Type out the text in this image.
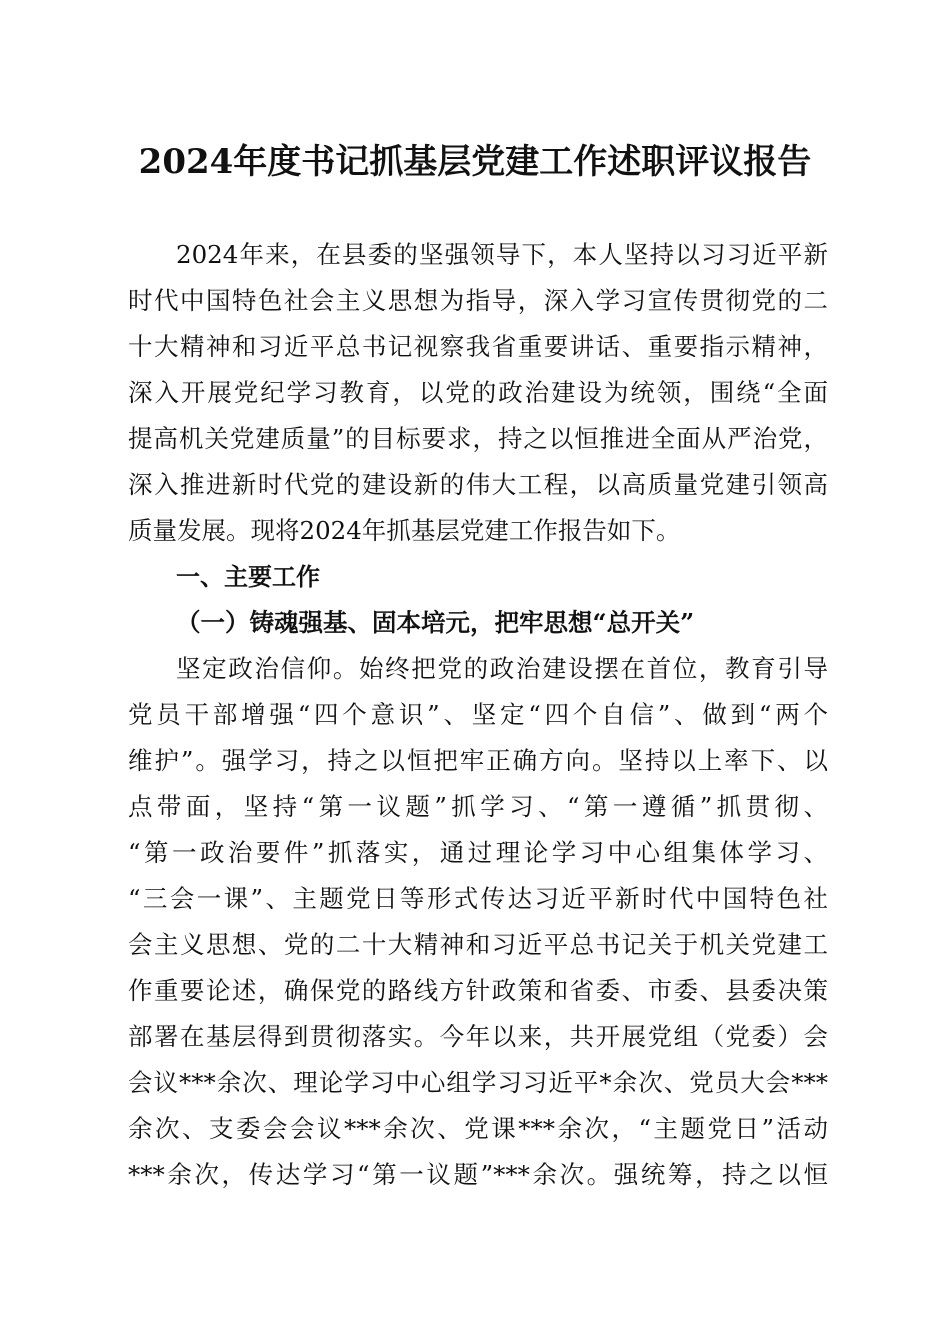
2024年度书记抓基层党建工作述职评议报告
2024年来，在县委的坚强领导下，本人坚持以习习近平新
时代中国特色社会主义思想为指导，深入学习宣传贯彻党的二
十大精神和习近平总书记视察我省重要讲话、重要指示精神，
深入开展党纪学习教育，以党的政治建设为统领，围绕“全面
提高机关党建质量”的目标要求，持之以恒推进全面从严治党，
深入推进新时代党的建设新的伟大工程，以高质量党建引领高
质量发展。现将2024年抓基层党建工作报告如下。
一、主要工作
（一）铸魂强基、固本培元，把牢思想“总开关”
坚定政治信仰。始终把党的政治建设摆在首位，教育引导
党员干部增强“四个意识”、坚定“四个自信”、做到“两个
维护”。强学习，持之以恒把牢正确方向。坚持以上率下、以
点带面，坚持“第一议题”抓学习、“第一遵循”抓贯彻、
“第一政治要件”抓落实，通过理论学习中心组集体学习、
“三会一课”、主题党日等形式传达习近平新时代中国特色社
会主义思想、党的二十大精神和习近平总书记关于机关党建工
作重要论述，确保党的路线方针政策和省委、市委、县委决策
部署在基层得到贯彻落实。今年以来，共开展党组（党委）会
会议***余次、理论学习中心组学习习近平*余次、党员大会***
余次、支委会会议***余次、党课***余次，“主题党日”活动
***余次，传达学习“第一议题”***余次。强统筹，持之以恒
